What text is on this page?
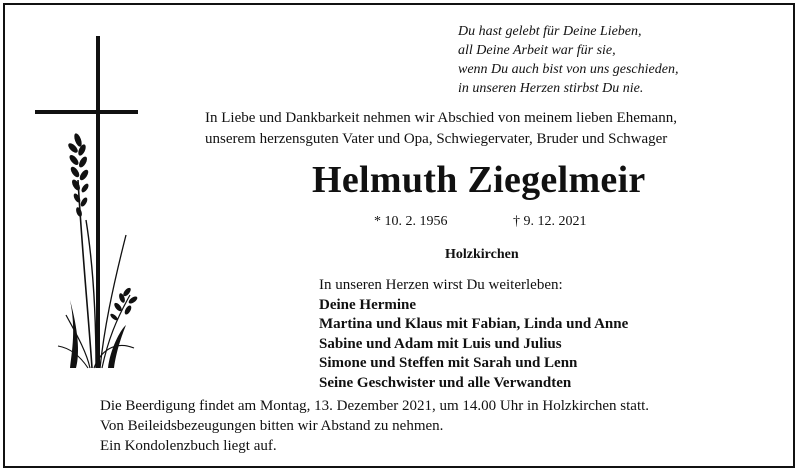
Du hast gelebt für Deine Lieben,
all Deine Arbeit war für sie,
wenn Du auch bist von uns geschieden,
in unseren Herzen stirbst Du nie.
In Liebe und Dankbarkeit nehmen wir Abschied von meinem lieben Ehemann,
unserem herzensguten Vater und Opa, Schwiegervater, Bruder und Schwager
Helmuth Ziegelmeir
* 10. 2. 1956	† 9. 12. 2021
Holzkirchen
In unseren Herzen wirst Du weiterleben:
Deine Hermine
Martina und Klaus mit Fabian, Linda und Anne
Sabine und Adam mit Luis und Julius
Simone und Steffen mit Sarah und Lenn
Seine Geschwister und alle Verwandten
Die Beerdigung findet am Montag, 13. Dezember 2021, um 14.00 Uhr in Holzkirchen statt.
Von Beileidsbezeugungen bitten wir Abstand zu nehmen.
Ein Kondolenzbuch liegt auf.
